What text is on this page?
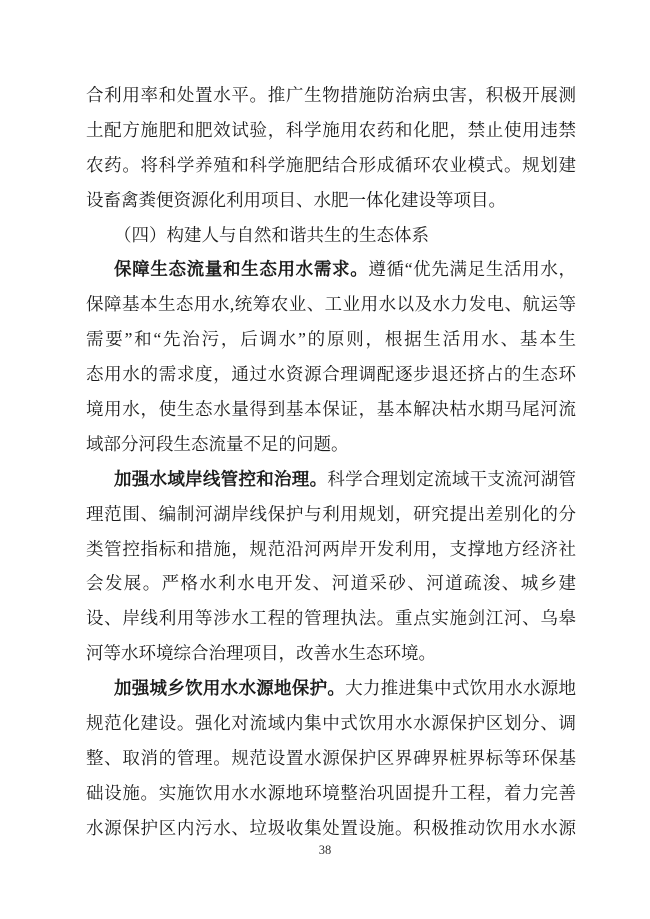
合利用率和处置水平。推广生物措施防治病虫害，积极开展测
土配方施肥和肥效试验，科学施用农药和化肥，禁止使用违禁
农药。将科学养殖和科学施肥结合形成循环农业模式。规划建
设畜禽粪便资源化利用项目、水肥一体化建设等项目。
（四）构建人与自然和谐共生的生态体系
保障生态流量和生态用水需求。遵循“优先满足生活用水，
保障基本生态用水,统筹农业、工业用水以及水力发电、航运等
需要”和“先治污，后调水”的原则，根据生活用水、基本生
态用水的需求度，通过水资源合理调配逐步退还挤占的生态环
境用水，使生态水量得到基本保证，基本解决枯水期马尾河流
域部分河段生态流量不足的问题。
加强水域岸线管控和治理。科学合理划定流域干支流河湖管
理范围、编制河湖岸线保护与利用规划，研究提出差别化的分
类管控指标和措施，规范沿河两岸开发利用，支撑地方经济社
会发展。严格水利水电开发、河道采砂、河道疏浚、城乡建
设、岸线利用等涉水工程的管理执法。重点实施剑江河、乌皋
河等水环境综合治理项目，改善水生态环境。
加强城乡饮用水水源地保护。大力推进集中式饮用水水源地
规范化建设。强化对流域内集中式饮用水水源保护区划分、调
整、取消的管理。规范设置水源保护区界碑界桩界标等环保基
础设施。实施饮用水水源地环境整治巩固提升工程，着力完善
水源保护区内污水、垃圾收集处置设施。积极推动饮用水水源
38
